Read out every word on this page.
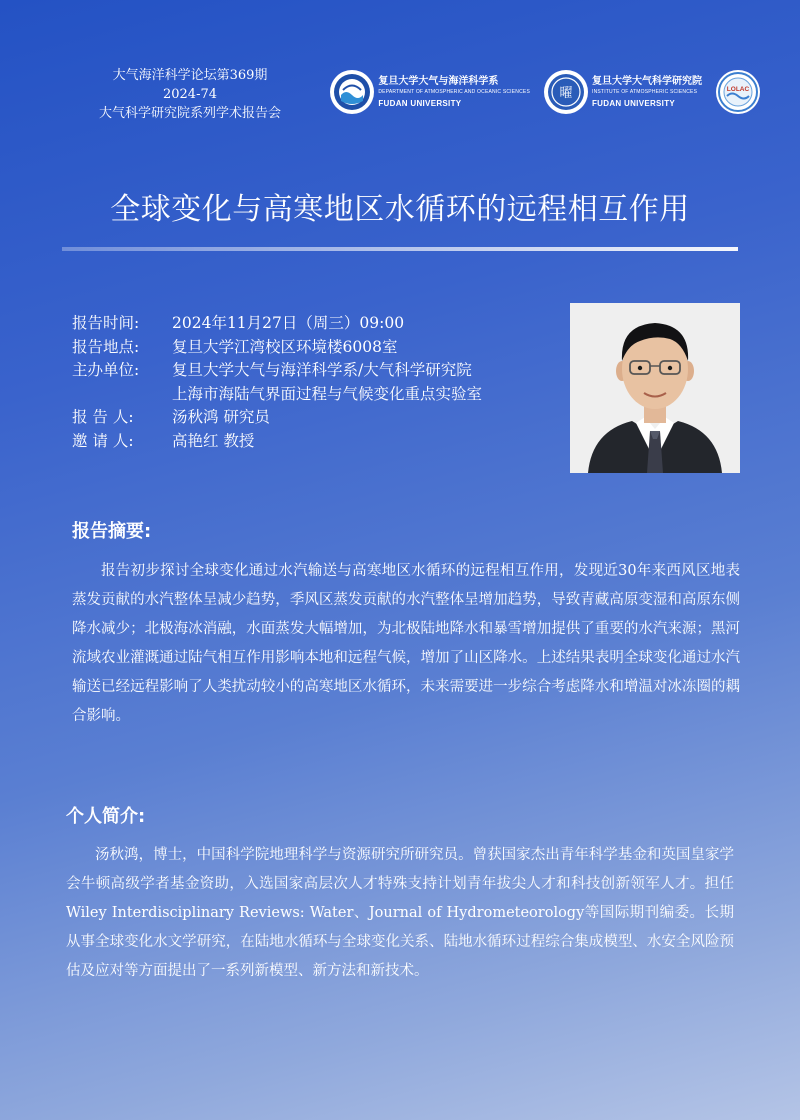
大气海洋科学论坛第369期
2024-74
大气科学研究院系列学术报告会
复旦大学大气与海洋科学系
DEPARTMENT OF ATMOSPHERIC AND OCEANIC SCIENCES
FUDAN UNIVERSITY
曜
复旦大学大气科学研究院
INSTITUTE OF ATMOSPHERIC SCIENCES
FUDAN UNIVERSITY
LOLAC
全球变化与高寒地区水循环的远程相互作用
报告时间:	2024年11月27日（周三）09:00
报告地点:	复旦大学江湾校区环境楼6008室
主办单位:	复旦大学大气与海洋科学系/大气科学研究院
上海市海陆气界面过程与气候变化重点实验室
报 告 人:	汤秋鸿 研究员
邀 请 人:	高艳红 教授
报告摘要:
报告初步探讨全球变化通过水汽输送与高寒地区水循环的远程相互作用，发现近30年来西风区地表蒸发贡献的水汽整体呈减少趋势，季风区蒸发贡献的水汽整体呈增加趋势，导致青藏高原变湿和高原东侧降水减少；北极海冰消融，水面蒸发大幅增加，为北极陆地降水和暴雪增加提供了重要的水汽来源；黑河流域农业灌溉通过陆气相互作用影响本地和远程气候，增加了山区降水。上述结果表明全球变化通过水汽输送已经远程影响了人类扰动较小的高寒地区水循环，未来需要进一步综合考虑降水和增温对冰冻圈的耦合影响。
个人简介:
汤秋鸿，博士，中国科学院地理科学与资源研究所研究员。曾获国家杰出青年科学基金和英国皇家学会牛顿高级学者基金资助，入选国家高层次人才特殊支持计划青年拔尖人才和科技创新领军人才。担任Wiley Interdisciplinary Reviews: Water、Journal of Hydrometeorology等国际期刊编委。长期从事全球变化水文学研究，在陆地水循环与全球变化关系、陆地水循环过程综合集成模型、水安全风险预估及应对等方面提出了一系列新模型、新方法和新技术。
